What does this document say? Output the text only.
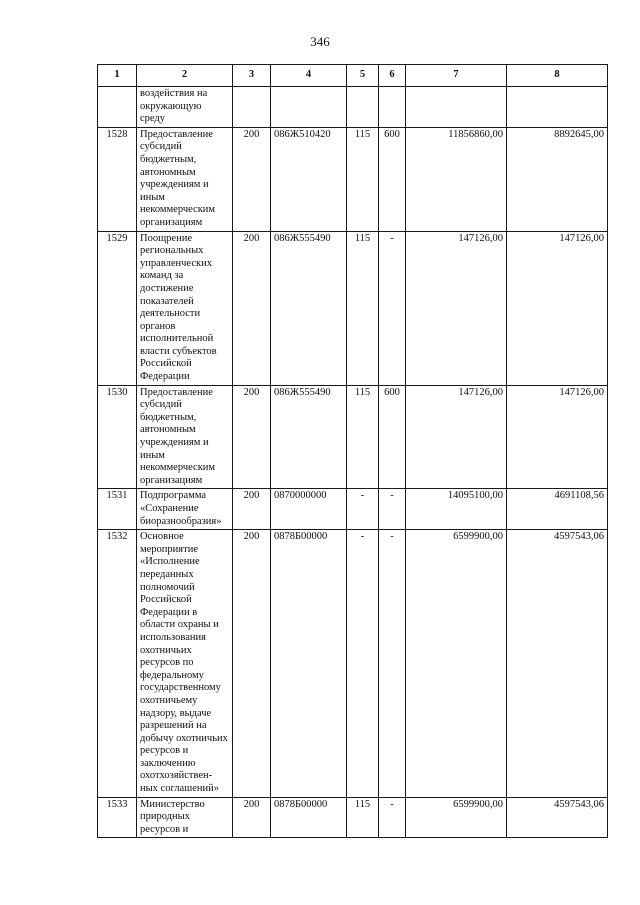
346
1	2	3	4	5	6	7	8
	воздействия на окружающую среду						
1528	Предоставление субсидий бюджетным, автономным учреждениям и иным некоммерческим организациям	200	086Ж510420	115	600	11856860,00	8892645,00
1529	Поощрение региональных управленческих команд за достижение показателей деятельности органов исполнительной власти субъектов Российской Федерации	200	086Ж555490	115	-	147126,00	147126,00
1530	Предоставление субсидий бюджетным, автономным учреждениям и иным некоммерческим организациям	200	086Ж555490	115	600	147126,00	147126,00
1531	Подпрограмма «Сохранение биоразнообразия»	200	0870000000	-	-	14095100,00	4691108,56
1532	Основное мероприятие «Исполнение переданных полномочий Российской Федерации в области охраны и использования охотничьих ресурсов по федеральному государственному охотничьему надзору, выдаче разрешений на добычу охотничьих ресурсов и заключению охотхозяйствен-ных соглашений»	200	0878Б00000	-	-	6599900,00	4597543,06
1533	Министерство природных ресурсов и	200	0878Б00000	115	-	6599900,00	4597543,06
